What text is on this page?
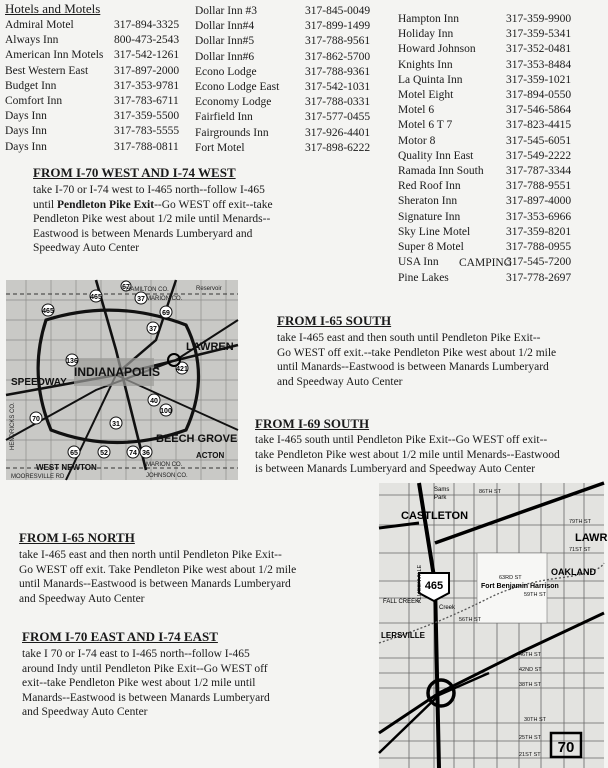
Hotels and Motels
Admiral Motel	317-894-3325
Always Inn	800-473-2543
American Inn Motels 317-542-1261
Best Western East 317-897-2000
Budget Inn	317-353-9781
Comfort Inn	317-783-6711
Days Inn	317-359-5500
Days Inn	317-783-5555
Days Inn	317-788-0811
Dollar Inn #3	317-845-0049
Dollar Inn#4	317-899-1499
Dollar Inn#5	317-788-9561
Dollar Inn#6	317-862-5700
Econo Lodge	317-788-9361
Econo Lodge East 317-542-1031
Economy Lodge	317-788-0331
Fairfield Inn	317-577-0455
Fairgrounds Inn	317-926-4401
Fort Motel	317-898-6222
Hampton Inn	317-359-9900
Holiday Inn	317-359-5341
Howard Johnson	317-352-0481
Knights Inn	317-353-8484
La Quinta Inn	317-359-1021
Motel Eight	317-894-0550
Motel 6	317-546-5864
Motel 6 T 7	317-823-4415
Motor 8	317-545-6051
Quality Inn East	317-549-2222
Ramada Inn South 317-787-3344
Red Roof Inn	317-788-9551
Sheraton Inn	317-897-4000
Signature Inn	317-353-6966
Sky Line Motel	317-359-8201
Super 8 Motel	317-788-0955
USA Inn	317-545-7200
CAMPING
Pine Lakes	317-778-2697
FROM I-70 WEST AND I-74 WEST
take I-70 or I-74 west to I-465 north--follow I-465
until Pendleton Pike Exit--Go WEST off exit--take
Pendleton Pike west about 1/2 mile until Menards--
Eastwood is between Menards Lumberyard and
Speedway Auto Center
465
465
37
69
37
136
40
100
31
65	52	74
70
421
36
67
INDIANAPOLIS
LAWREN
SPEEDWAY
BEECH GROVE
WEST NEWTON
ACTON
HAMILTON CO.
MARION CO.
Reservoir
MOORESVILLE RD
MARION CO.
JOHNSON CO.
HENDRICKS CO.
FROM I-65 SOUTH
take I-465 east and then south until Pendleton Pike Exit--
Go WEST off exit.--take Pendleton Pike west about 1/2 mile
until Manards--Eastwood is between Manards Lumberyard
and Speedway Auto Center
FROM I-69 SOUTH
take I-465 south until Pendleton Pike Exit--Go WEST off exit--
take Pendleton Pike west about 1/2 mile until Menards--Eastwood
is between Manards Lumberyard and Speedway Auto Center
FROM I-65 NORTH
take I-465 east and then north until Pendleton Pike Exit--
Go WEST off exit. Take Pendleton Pike west about 1/2 mile
until Manards--Eastwood is between Manards Lumberyard
and Speedway Auto Center
FROM I-70 EAST AND I-74 EAST
take I 70 or I-74 east to I-465 north--follow I-465
around Indy until Pendleton Pike Exit--Go WEST off
exit--take Pendleton Pike west about 1/2 mile until
Manards--Eastwood is between Manards Lumberyard
and Speedway Auto Center
465
70
CASTLETON
LAWR
OAKLAND
Fort Benjamin Harrison
LERSVILLE
FALL CREEK
Creek
Sams
Park
86TH ST
79TH ST
71ST ST
63RD ST
59TH ST
56TH ST
46TH ST
42ND ST
38TH ST
30TH ST
25TH ST
21ST ST
ALLISONVILLE
